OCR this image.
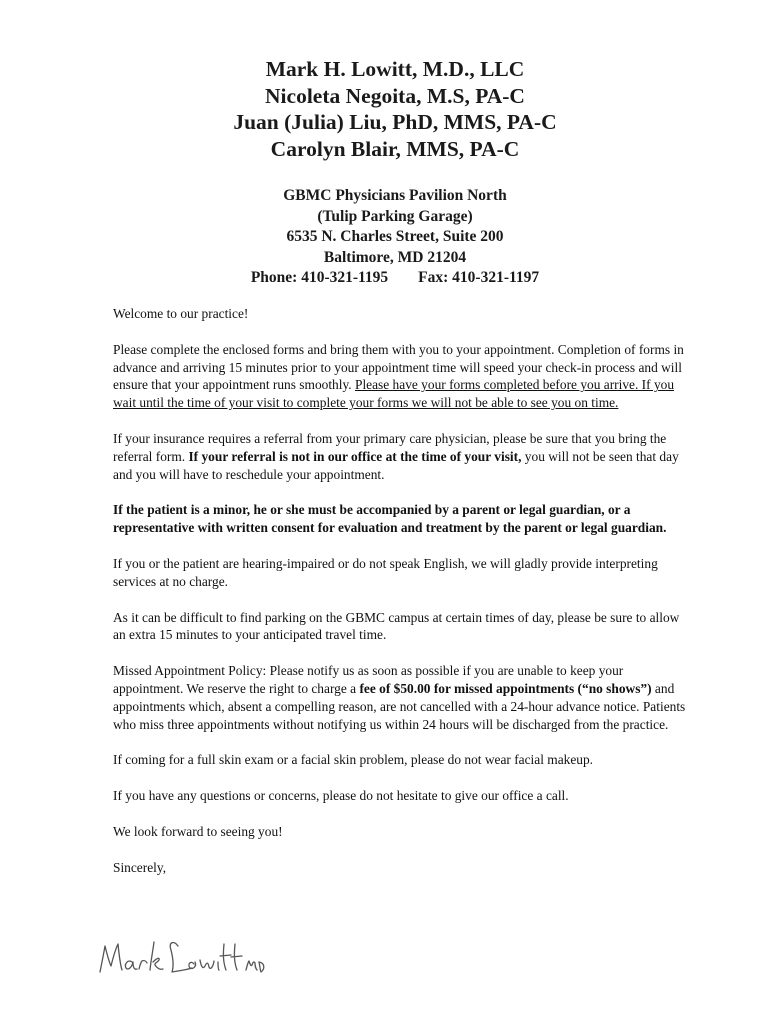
Mark H. Lowitt, M.D., LLC
Nicoleta Negoita, M.S, PA-C
Juan (Julia) Liu, PhD, MMS, PA-C
Carolyn Blair, MMS, PA-C
GBMC Physicians Pavilion North
(Tulip Parking Garage)
6535 N. Charles Street, Suite 200
Baltimore, MD 21204
Phone: 410-321-1195 Fax: 410-321-1197

Welcome to our practice!

Please complete the enclosed forms and bring them with you to your appointment. Completion of forms in advance and arriving 15 minutes prior to your appointment time will speed your check-in process and will ensure that your appointment runs smoothly. Please have your forms completed before you arrive. If you wait until the time of your visit to complete your forms we will not be able to see you on time.

If your insurance requires a referral from your primary care physician, please be sure that you bring the referral form. If your referral is not in our office at the time of your visit, you will not be seen that day and you will have to reschedule your appointment.

If the patient is a minor, he or she must be accompanied by a parent or legal guardian, or a representative with written consent for evaluation and treatment by the parent or legal guardian.

If you or the patient are hearing-impaired or do not speak English, we will gladly provide interpreting services at no charge.

As it can be difficult to find parking on the GBMC campus at certain times of day, please be sure to allow an extra 15 minutes to your anticipated travel time.

Missed Appointment Policy: Please notify us as soon as possible if you are unable to keep your appointment. We reserve the right to charge a fee of $50.00 for missed appointments (“no shows”) and appointments which, absent a compelling reason, are not cancelled with a 24-hour advance notice. Patients who miss three appointments without notifying us within 24 hours will be discharged from the practice.

If coming for a full skin exam or a facial skin problem, please do not wear facial makeup.

If you have any questions or concerns, please do not hesitate to give our office a call.

We look forward to seeing you!

Sincerely,
